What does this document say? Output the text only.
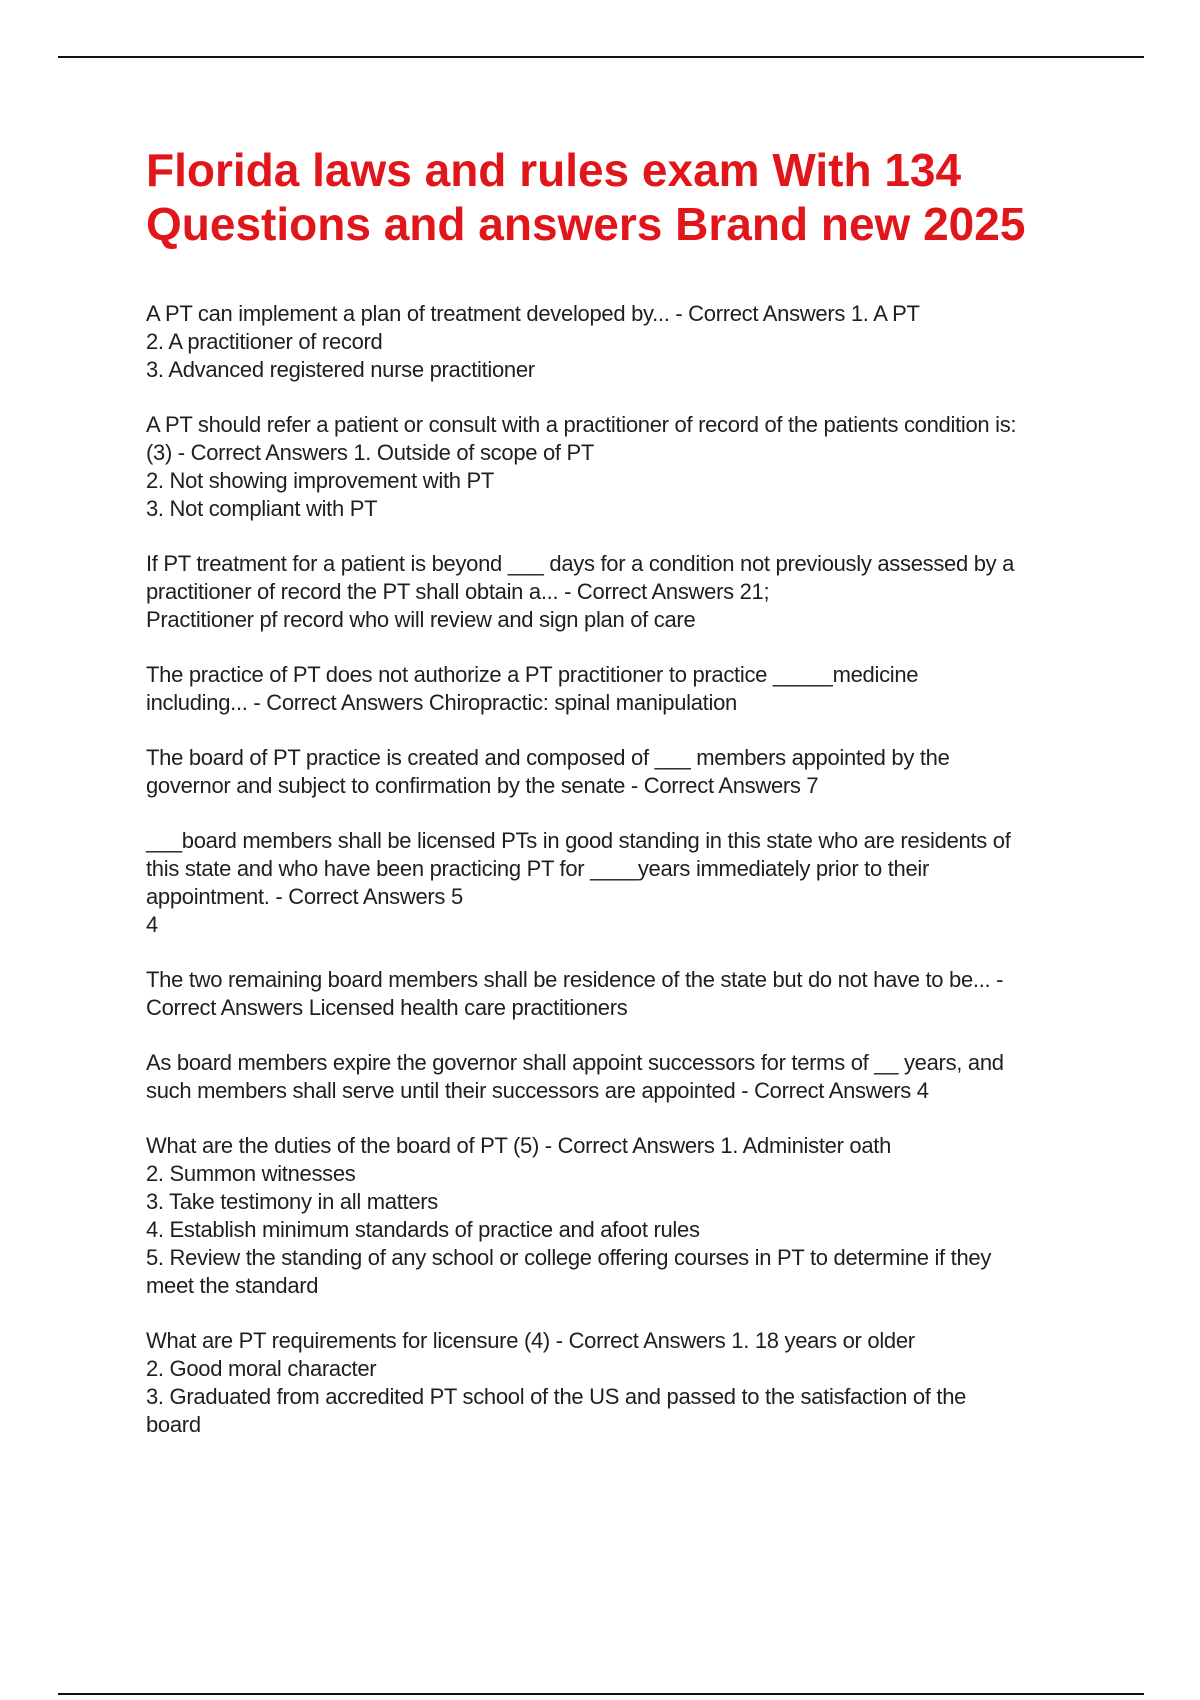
Florida laws and rules exam With 134
Questions and answers Brand new 2025

A PT can implement a plan of treatment developed by... - Correct Answers 1. A PT
2. A practitioner of record
3. Advanced registered nurse practitioner

A PT should refer a patient or consult with a practitioner of record of the patients condition is:
(3) - Correct Answers 1. Outside of scope of PT
2. Not showing improvement with PT
3. Not compliant with PT

If PT treatment for a patient is beyond ___ days for a condition not previously assessed by a
practitioner of record the PT shall obtain a... - Correct Answers 21;
Practitioner pf record who will review and sign plan of care

The practice of PT does not authorize a PT practitioner to practice _____medicine
including... - Correct Answers Chiropractic: spinal manipulation

The board of PT practice is created and composed of ___ members appointed by the
governor and subject to confirmation by the senate - Correct Answers 7

___board members shall be licensed PTs in good standing in this state who are residents of
this state and who have been practicing PT for ____years immediately prior to their
appointment. - Correct Answers 5
4

The two remaining board members shall be residence of the state but do not have to be... -
Correct Answers Licensed health care practitioners

As board members expire the governor shall appoint successors for terms of __ years, and
such members shall serve until their successors are appointed - Correct Answers 4

What are the duties of the board of PT (5) - Correct Answers 1. Administer oath
2. Summon witnesses
3. Take testimony in all matters
4. Establish minimum standards of practice and afoot rules
5. Review the standing of any school or college offering courses in PT to determine if they
meet the standard

What are PT requirements for licensure (4) - Correct Answers 1. 18 years or older
2. Good moral character
3. Graduated from accredited PT school of the US and passed to the satisfaction of the
board
